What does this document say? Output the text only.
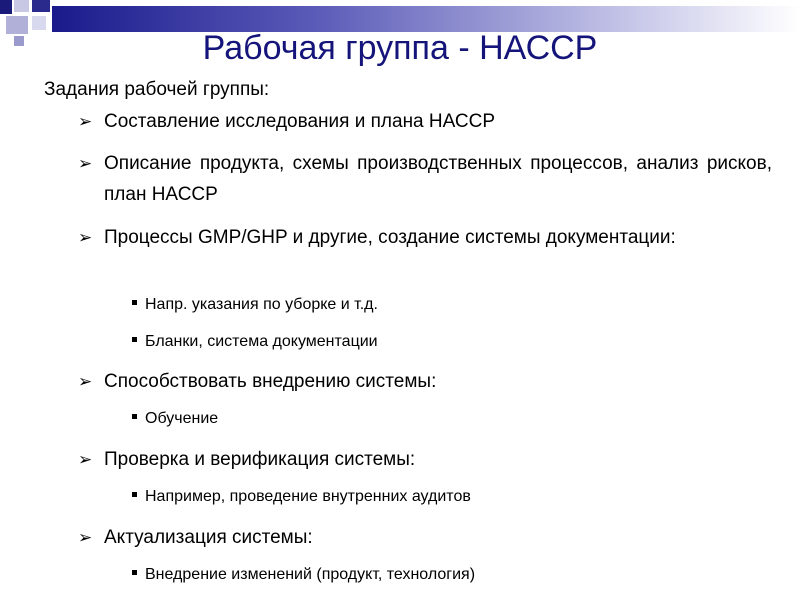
Рабочая группа - НАССР
Задания рабочей группы:
➢ Составление исследования и плана НАССР
➢ Описание продукта, схемы производственных процессов, анализ рисков, план НАССР
➢ Процессы GMP/GHP и другие, создание системы документации:
Напр. указания по уборке и т.д.
Бланки, система документации
➢ Способствовать внедрению системы:
Обучение
➢ Проверка и верификация системы:
Например, проведение внутренних аудитов
➢ Актуализация системы:
Внедрение изменений (продукт, технология)
